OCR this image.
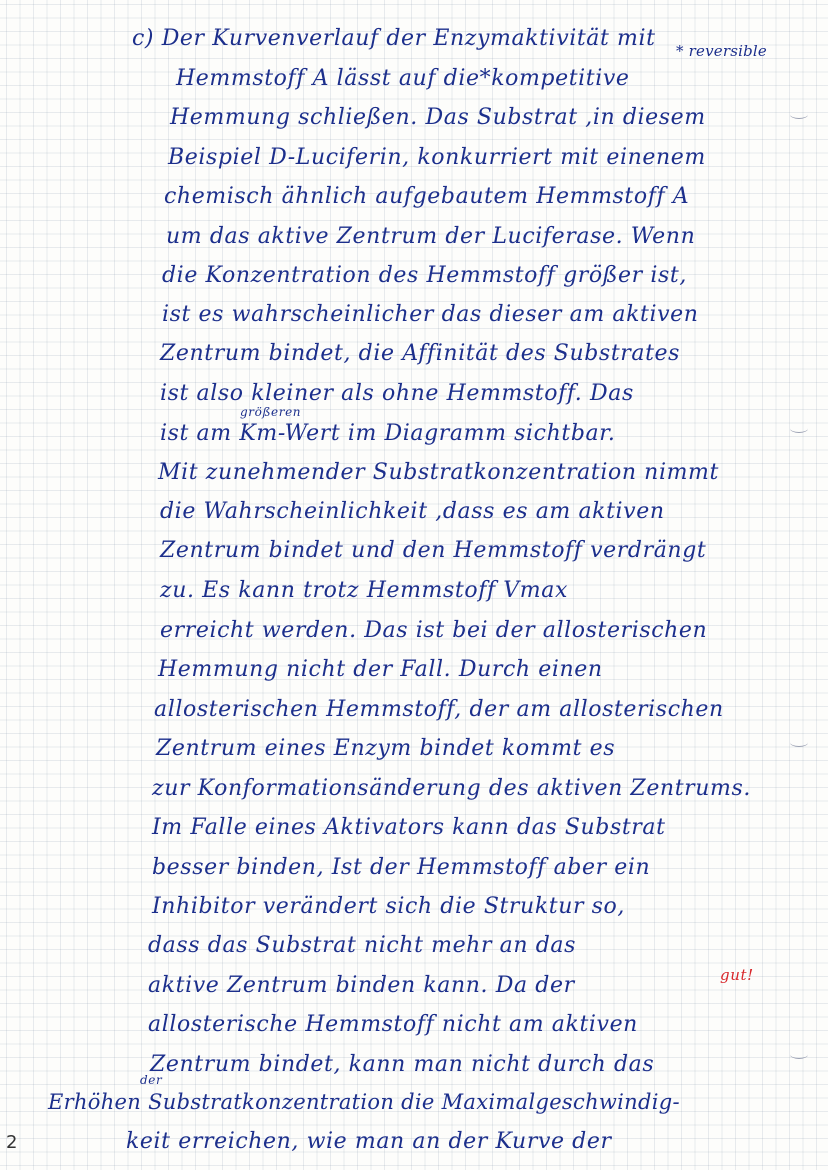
* reversible
gut!
c) Der Kurvenverlauf der Enzymaktivität mit
Hemmstoff A lässt auf die*kompetitive
Hemmung schließen. Das Substrat ,in diesem
Beispiel D-Luciferin, konkurriert mit einenem
chemisch ähnlich aufgebautem Hemmstoff A
um das aktive Zentrum der Luciferase. Wenn
die Konzentration des Hemmstoff größer ist,
ist es wahrscheinlicher das dieser am aktiven
Zentrum bindet, die Affinität des Substrates
ist also kleiner als ohne Hemmstoff. Das
größeren
ist am Km-Wert im Diagramm sichtbar.
Mit zunehmender Substratkonzentration nimmt
die Wahrscheinlichkeit ,dass es am aktiven
Zentrum bindet und den Hemmstoff verdrängt
zu. Es kann trotz Hemmstoff Vmax
erreicht werden. Das ist bei der allosterischen
Hemmung nicht der Fall. Durch einen
allosterischen Hemmstoff, der am allosterischen
Zentrum eines Enzym bindet kommt es
zur Konformationsänderung des aktiven Zentrums.
Im Falle eines Aktivators kann das Substrat
besser binden, Ist der Hemmstoff aber ein
Inhibitor verändert sich die Struktur so,
dass das Substrat nicht mehr an das
aktive Zentrum binden kann. Da der
allosterische Hemmstoff nicht am aktiven
Zentrum bindet, kann man nicht durch das
der
Erhöhen Substratkonzentration die Maximalgeschwindig-
keit erreichen, wie man an der Kurve der
2
